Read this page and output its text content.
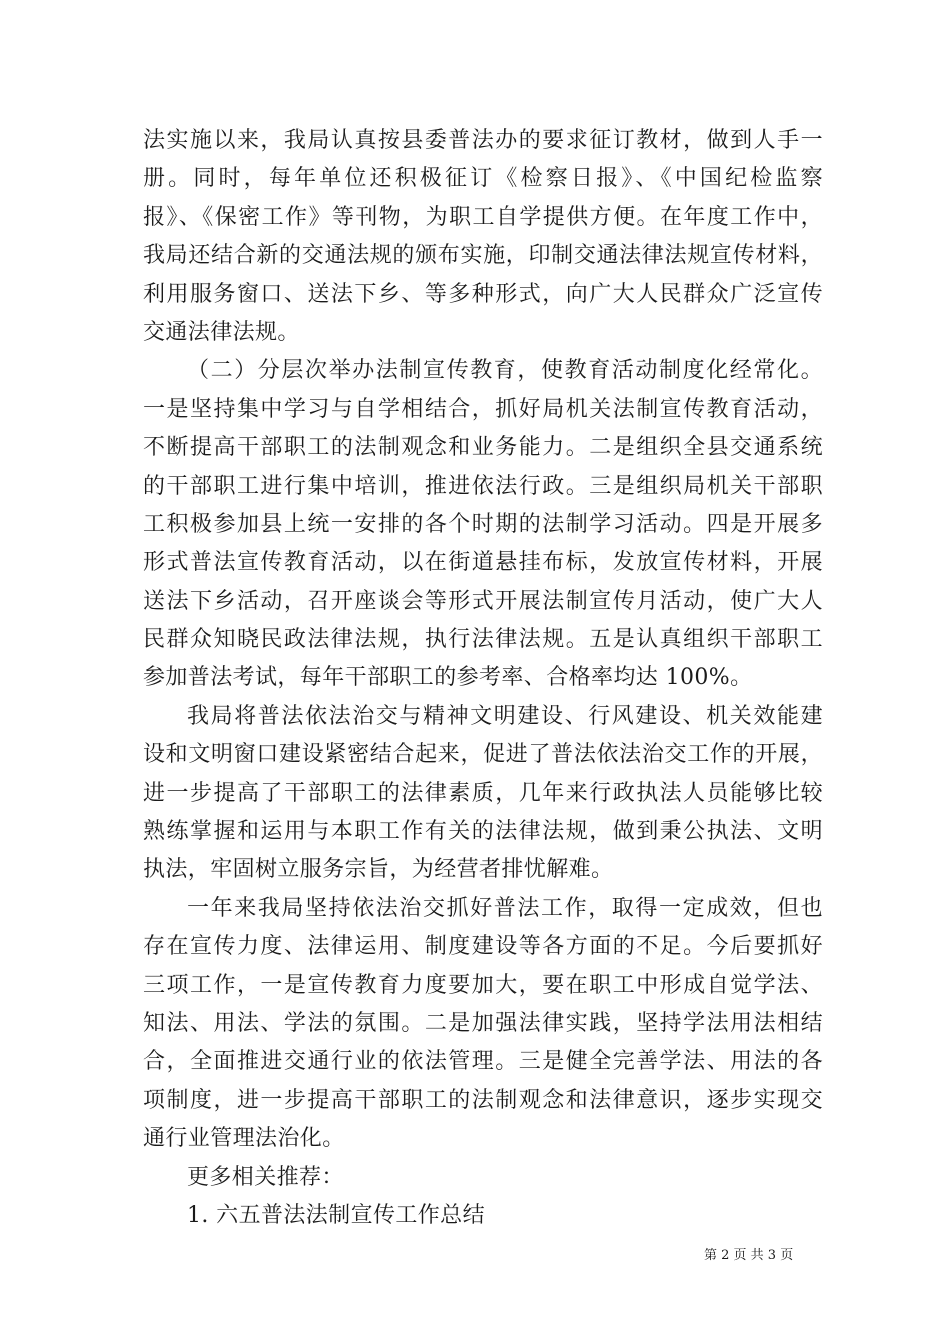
法实施以来，我局认真按县委普法办的要求征订教材，做到人手一
册。同时，每年单位还积极征订《检察日报》、《中国纪检监察
报》、《保密工作》等刊物，为职工自学提供方便。在年度工作中，
我局还结合新的交通法规的颁布实施，印制交通法律法规宣传材料，
利用服务窗口、送法下乡、等多种形式，向广大人民群众广泛宣传
交通法律法规。
（二）分层次举办法制宣传教育，使教育活动制度化经常化。
一是坚持集中学习与自学相结合，抓好局机关法制宣传教育活动，
不断提高干部职工的法制观念和业务能力。二是组织全县交通系统
的干部职工进行集中培训，推进依法行政。三是组织局机关干部职
工积极参加县上统一安排的各个时期的法制学习活动。四是开展多
形式普法宣传教育活动，以在街道悬挂布标，发放宣传材料，开展
送法下乡活动，召开座谈会等形式开展法制宣传月活动，使广大人
民群众知晓民政法律法规，执行法律法规。五是认真组织干部职工
参加普法考试，每年干部职工的参考率、合格率均达 100%。
我局将普法依法治交与精神文明建设、行风建设、机关效能建
设和文明窗口建设紧密结合起来，促进了普法依法治交工作的开展，
进一步提高了干部职工的法律素质，几年来行政执法人员能够比较
熟练掌握和运用与本职工作有关的法律法规，做到秉公执法、文明
执法，牢固树立服务宗旨，为经营者排忧解难。
一年来我局坚持依法治交抓好普法工作，取得一定成效，但也
存在宣传力度、法律运用、制度建设等各方面的不足。今后要抓好
三项工作，一是宣传教育力度要加大，要在职工中形成自觉学法、
知法、用法、学法的氛围。二是加强法律实践，坚持学法用法相结
合，全面推进交通行业的依法管理。三是健全完善学法、用法的各
项制度，进一步提高干部职工的法制观念和法律意识，逐步实现交
通行业管理法治化。
更多相关推荐：
1. 六五普法法制宣传工作总结
第 2 页 共 3 页
